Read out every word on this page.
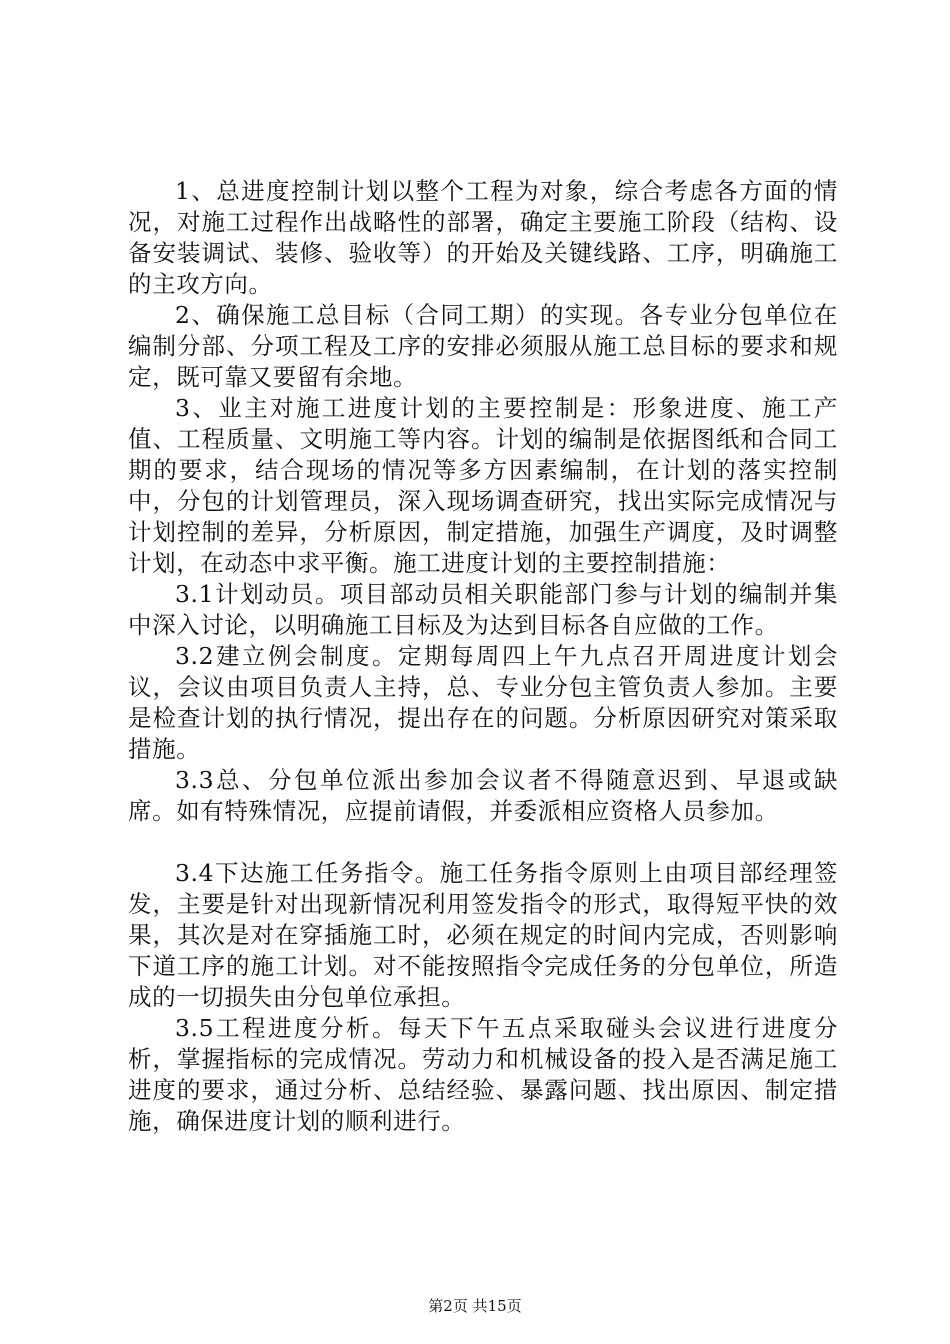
1、总进度控制计划以整个工程为对象，综合考虑各方面的情况，对施工过程作出战略性的部署，确定主要施工阶段（结构、设备安装调试、装修、验收等）的开始及关键线路、工序，明确施工的主攻方向。

2、确保施工总目标（合同工期）的实现。各专业分包单位在编制分部、分项工程及工序的安排必须服从施工总目标的要求和规定，既可靠又要留有余地。

3、业主对施工进度计划的主要控制是：形象进度、施工产值、工程质量、文明施工等内容。计划的编制是依据图纸和合同工期的要求，结合现场的情况等多方因素编制，在计划的落实控制中，分包的计划管理员，深入现场调查研究，找出实际完成情况与计划控制的差异，分析原因，制定措施，加强生产调度，及时调整计划，在动态中求平衡。施工进度计划的主要控制措施：

3.1计划动员。项目部动员相关职能部门参与计划的编制并集中深入讨论，以明确施工目标及为达到目标各自应做的工作。

3.2建立例会制度。定期每周四上午九点召开周进度计划会议，会议由项目负责人主持，总、专业分包主管负责人参加。主要是检查计划的执行情况，提出存在的问题。分析原因研究对策采取措施。

3.3总、分包单位派出参加会议者不得随意迟到、早退或缺席。如有特殊情况，应提前请假，并委派相应资格人员参加。

3.4下达施工任务指令。施工任务指令原则上由项目部经理签发，主要是针对出现新情况利用签发指令的形式，取得短平快的效果，其次是对在穿插施工时，必须在规定的时间内完成，否则影响下道工序的施工计划。对不能按照指令完成任务的分包单位，所造成的一切损失由分包单位承担。

3.5工程进度分析。每天下午五点采取碰头会议进行进度分析，掌握指标的完成情况。劳动力和机械设备的投入是否满足施工进度的要求，通过分析、总结经验、暴露问题、找出原因、制定措施，确保进度计划的顺利进行。

第2页 共15页
